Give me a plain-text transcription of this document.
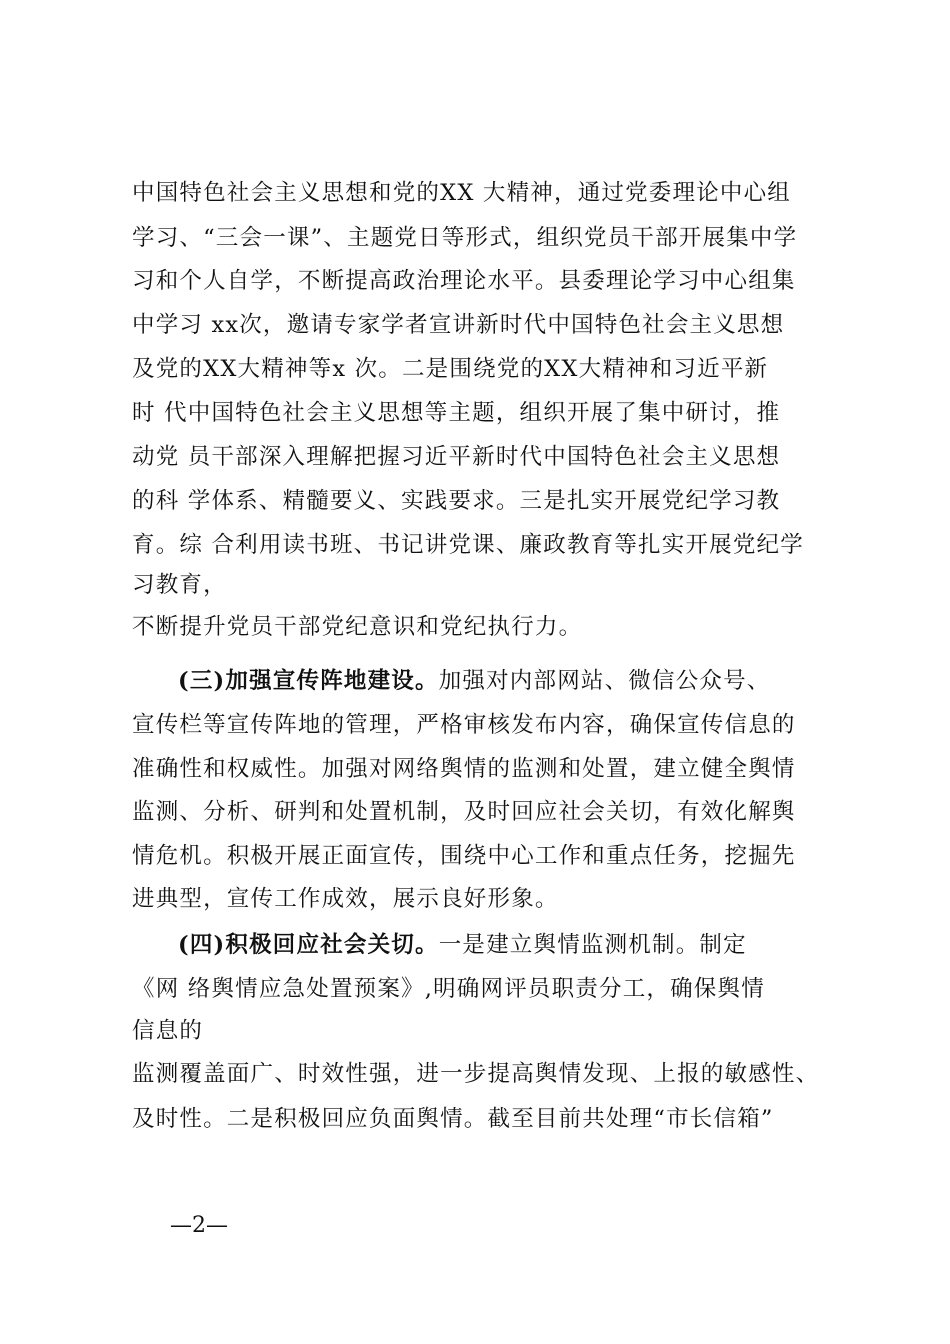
中国特色社会主义思想和党的XX 大精神，通过党委理论中心组
学习、“三会一课”、主题党日等形式，组织党员干部开展集中学
习和个人自学，不断提高政治理论水平。县委理论学习中心组集
中学习 xx次，邀请专家学者宣讲新时代中国特色社会主义思想
及党的XX大精神等x 次。二是围绕党的XX大精神和习近平新
时 代中国特色社会主义思想等主题，组织开展了集中研讨，推
动党 员干部深入理解把握习近平新时代中国特色社会主义思想
的科 学体系、精髓要义、实践要求。三是扎实开展党纪学习教
育。综 合利用读书班、书记讲党课、廉政教育等扎实开展党纪学
习教育，
不断提升党员干部党纪意识和党纪执行力。
(三)加强宣传阵地建设。加强对内部网站、微信公众号、
宣传栏等宣传阵地的管理，严格审核发布内容，确保宣传信息的
准确性和权威性。加强对网络舆情的监测和处置，建立健全舆情
监测、分析、研判和处置机制，及时回应社会关切，有效化解舆
情危机。积极开展正面宣传，围绕中心工作和重点任务，挖掘先
进典型，宣传工作成效，展示良好形象。
(四)积极回应社会关切。一是建立舆情监测机制。制定
《网 络舆情应急处置预案》,明确网评员职责分工，确保舆情
信息的
监测覆盖面广、时效性强，进一步提高舆情发现、上报的敏感性、
及时性。二是积极回应负面舆情。截至目前共处理“市长信箱”
—2—
